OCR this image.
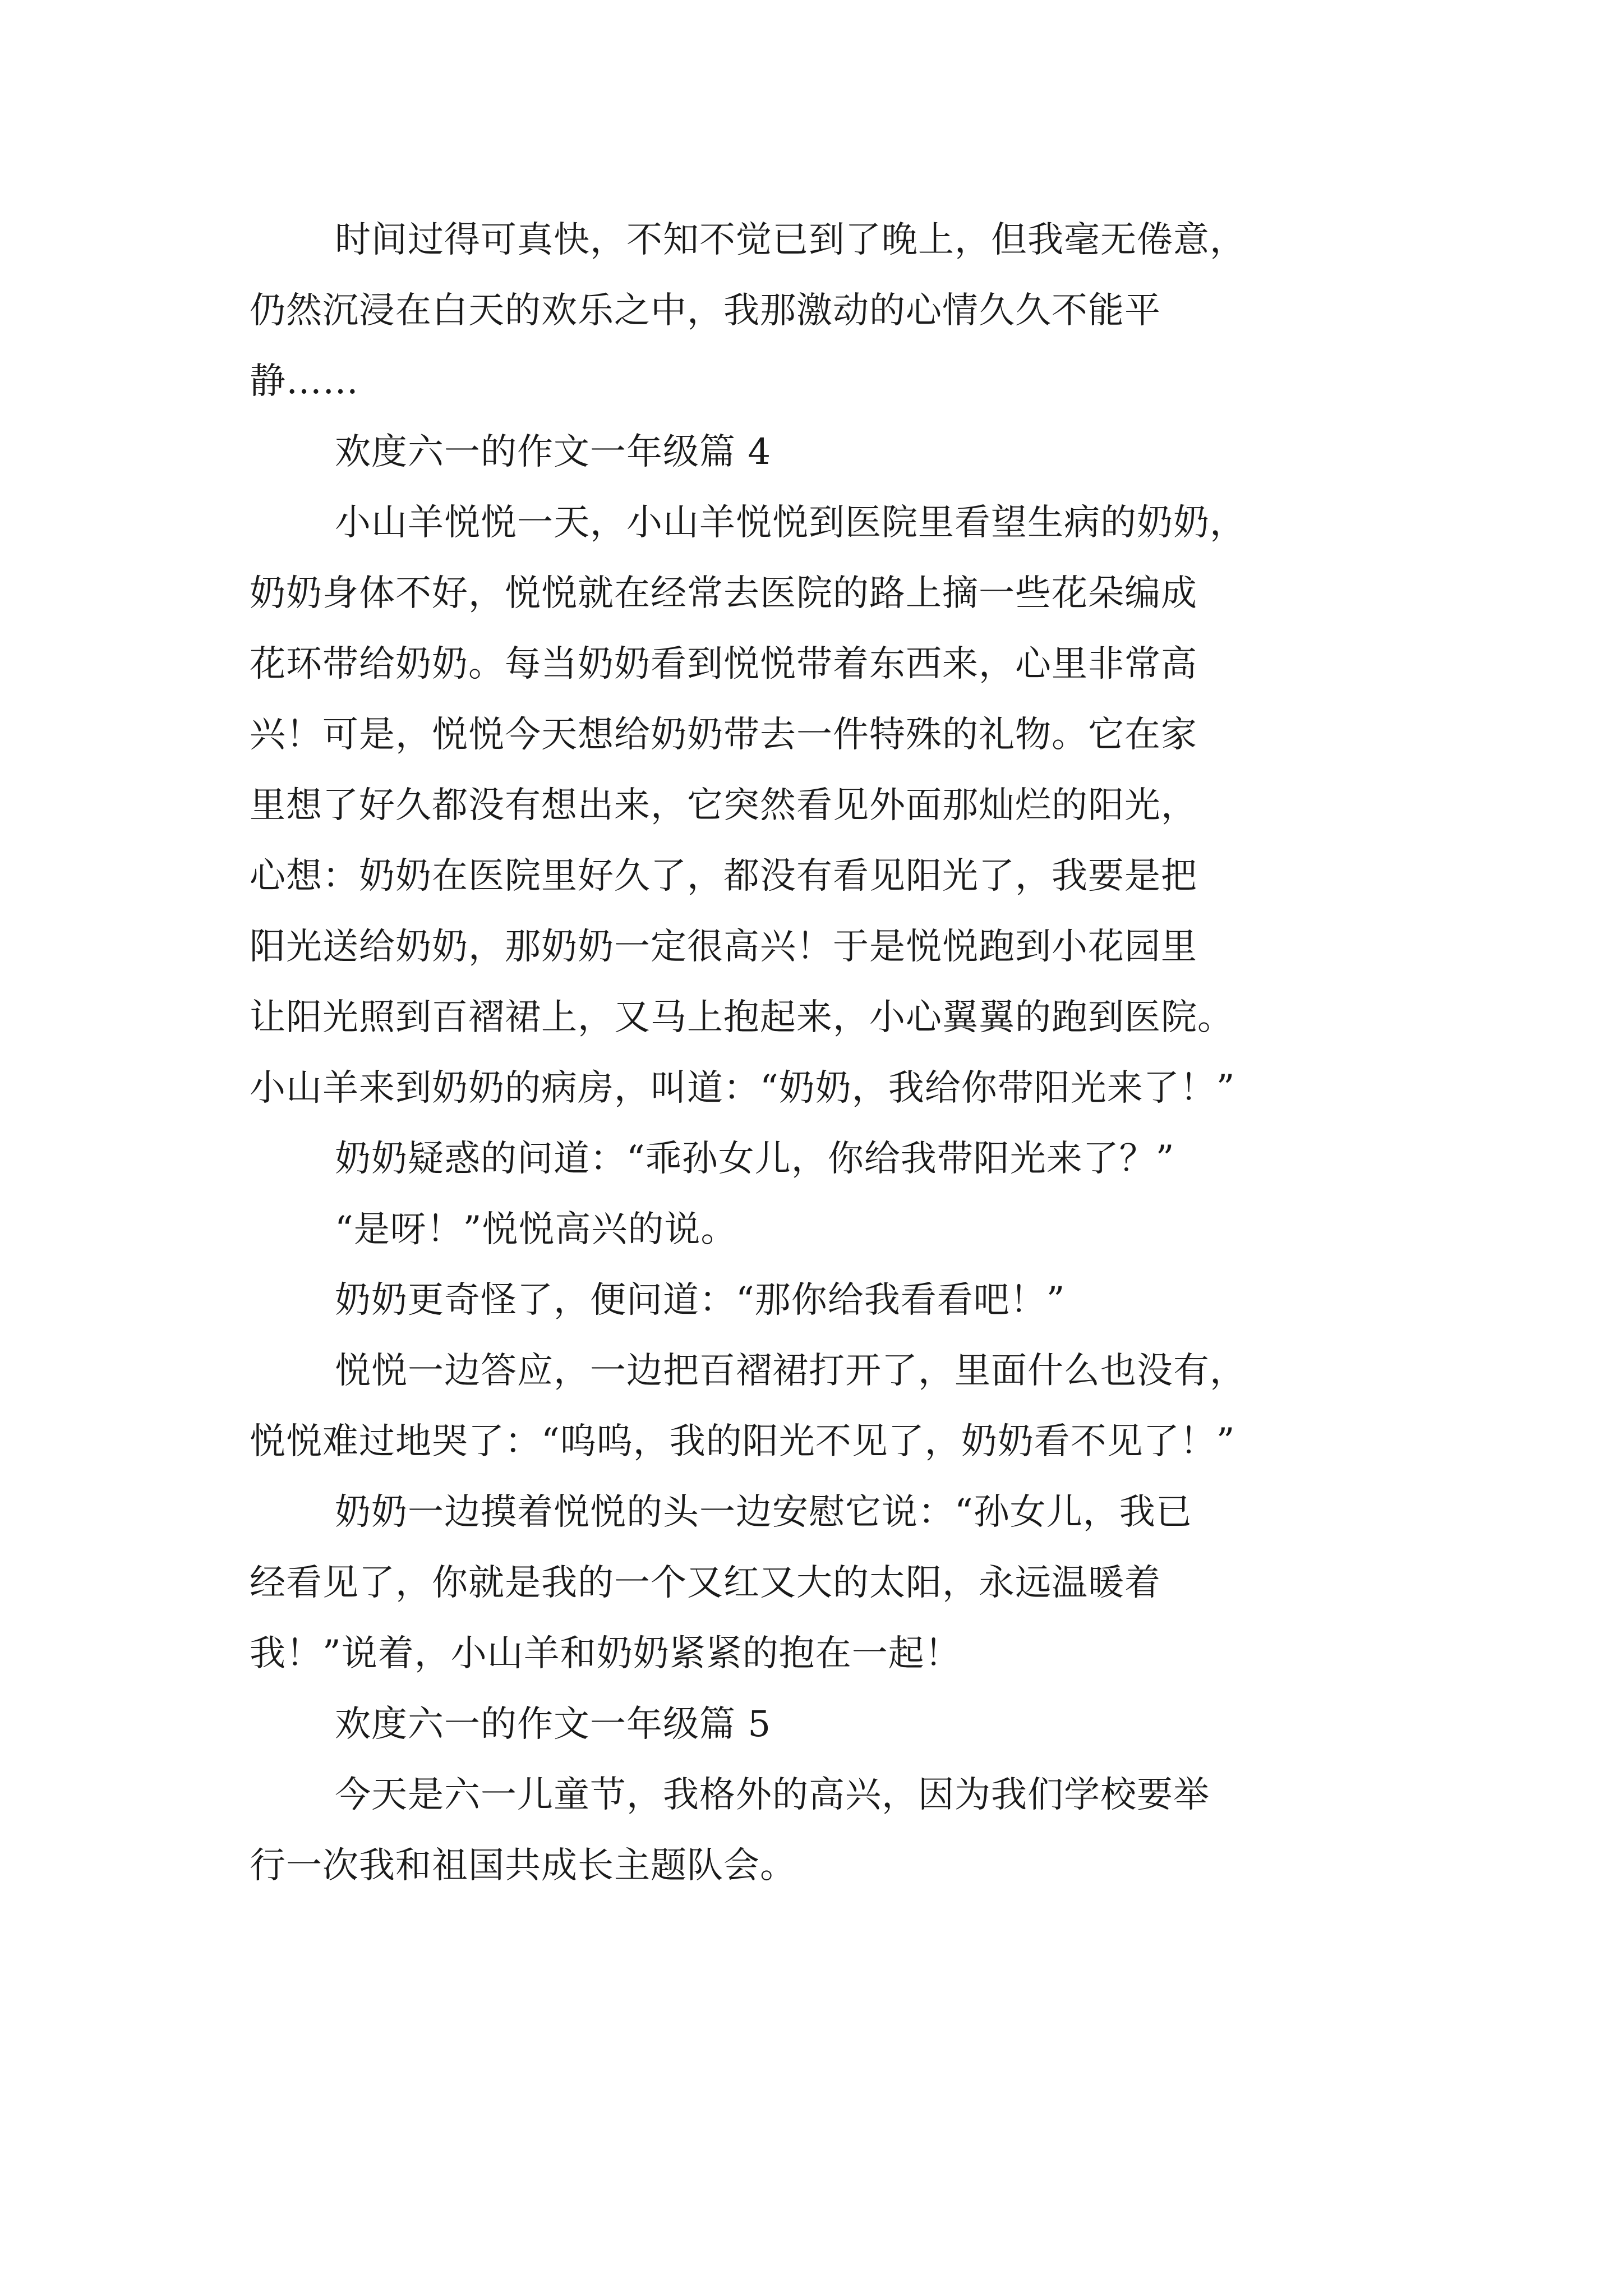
时间过得可真快，不知不觉已到了晚上，但我毫无倦意，
仍然沉浸在白天的欢乐之中，我那激动的心情久久不能平
静……
欢度六一的作文一年级篇 4
小山羊悦悦一天，小山羊悦悦到医院里看望生病的奶奶，
奶奶身体不好，悦悦就在经常去医院的路上摘一些花朵编成
花环带给奶奶。每当奶奶看到悦悦带着东西来，心里非常高
兴！可是，悦悦今天想给奶奶带去一件特殊的礼物。它在家
里想了好久都没有想出来，它突然看见外面那灿烂的阳光，
心想：奶奶在医院里好久了，都没有看见阳光了，我要是把
阳光送给奶奶，那奶奶一定很高兴！于是悦悦跑到小花园里
让阳光照到百褶裙上，又马上抱起来，小心翼翼的跑到医院。
小山羊来到奶奶的病房，叫道：“奶奶，我给你带阳光来了！”
奶奶疑惑的问道：“乖孙女儿，你给我带阳光来了？”
“是呀！”悦悦高兴的说。
奶奶更奇怪了，便问道：“那你给我看看吧！”
悦悦一边答应，一边把百褶裙打开了，里面什么也没有，
悦悦难过地哭了：“呜呜，我的阳光不见了，奶奶看不见了！”
奶奶一边摸着悦悦的头一边安慰它说：“孙女儿，我已
经看见了，你就是我的一个又红又大的太阳，永远温暖着
我！”说着，小山羊和奶奶紧紧的抱在一起！
欢度六一的作文一年级篇 5
今天是六一儿童节，我格外的高兴，因为我们学校要举
行一次我和祖国共成长主题队会。
